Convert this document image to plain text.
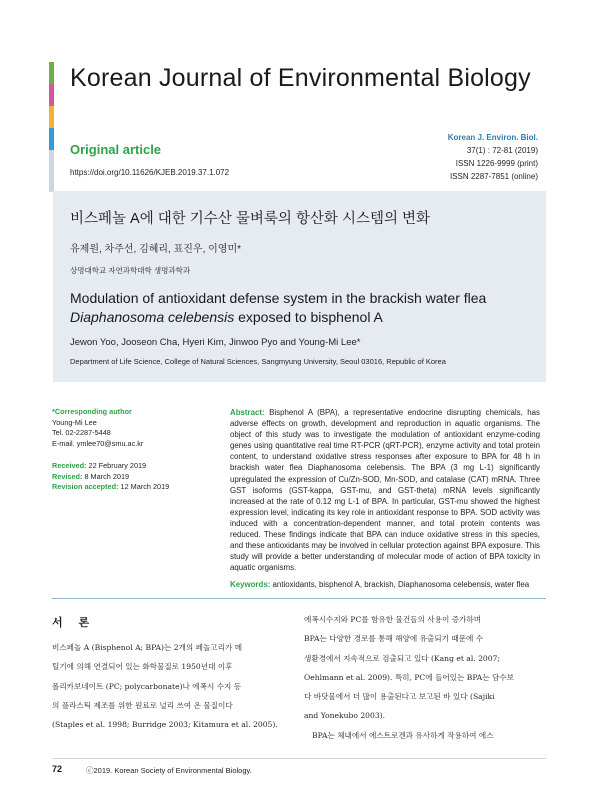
Korean Journal of Environmental Biology
Original article
https://doi.org/10.11626/KJEB.2019.37.1.072
Korean J. Environ. Biol.
37(1) : 72-81 (2019)
ISSN 1226-9999 (print)
ISSN 2287-7851 (online)
비스페놀 A에 대한 기수산 물벼룩의 항산화 시스템의 변화
유제원, 차주선, 김혜리, 표진우, 이영미*
상명대학교 자연과학대학 생명과학과
Modulation of antioxidant defense system in the brackish water flea
Diaphanosoma celebensis exposed to bisphenol A
Jewon Yoo, Jooseon Cha, Hyeri Kim, Jinwoo Pyo and Young-Mi Lee*
Department of Life Science, College of Natural Sciences, Sangmyung University, Seoul 03016, Republic of Korea
*Corresponding author
Young-Mi Lee
Tel. 02-2287-5448
E-mail. ymlee70@smu.ac.kr
Received: 22 February 2019
Revised: 8 March 2019
Revision accepted: 12 March 2019
Abstract: Bisphenol A (BPA), a representative endocrine disrupting chemicals, has adverse effects on growth, development and reproduction in aquatic organisms. The object of this study was to investigate the modulation of antioxidant enzyme-coding genes using quantitative real time RT-PCR (qRT-PCR), enzyme activity and total protein content, to understand oxidative stress responses after exposure to BPA for 48 h in brackish water flea Diaphanosoma celebensis. The BPA (3 mg L-1) significantly upregulated the expression of Cu/Zn-SOD, Mn-SOD, and catalase (CAT) mRNA. Three GST isoforms (GST-kappa, GST-mu, and GST-theta) mRNA levels significantly increased at the rate of 0.12 mg L-1 of BPA. In particular, GST-mu showed the highest expression level, indicating its key role in antioxidant response to BPA. SOD activity was induced with a concentration-dependent manner, and total protein contents was reduced. These findings indicate that BPA can induce oxidative stress in this species, and these antioxidants may be involved in cellular protection against BPA exposure. This study will provide a better understanding of molecular mode of action of BPA toxicity in aquatic organisms.
Keywords: antioxidants, bisphenol A, brackish, Diaphanosoma celebensis, water flea
서 론

비스페놀 A (Bisphenol A; BPA)는 2개의 페놀고리가 메

틸기에 의해 연결되어 있는 화학물질로 1950년대 이후

폴리카보네이트 (PC; polycarbonate)나 에폭시 수지 등

의 플라스틱 제조를 위한 원료로 널리 쓰여 온 물질이다

(Staples et al. 1998; Burridge 2003; Kitamura et al. 2005).

에폭시수지와 PC를 함유한 물건들의 사용이 증가하며

BPA는 다양한 경로를 통해 해양에 유출되기 때문에 수

생환경에서 지속적으로 검출되고 있다 (Kang et al. 2007;

Oehlmann et al. 2009). 특히, PC에 들어있는 BPA는 담수보

다 바닷물에서 더 많이 용출된다고 보고된 바 있다 (Sajiki

and Yonekubo 2003).

BPA는 체내에서 에스트로겐과 유사하게 작용하여 에스

72	ⓒ2019. Korean Society of Environmental Biology.
